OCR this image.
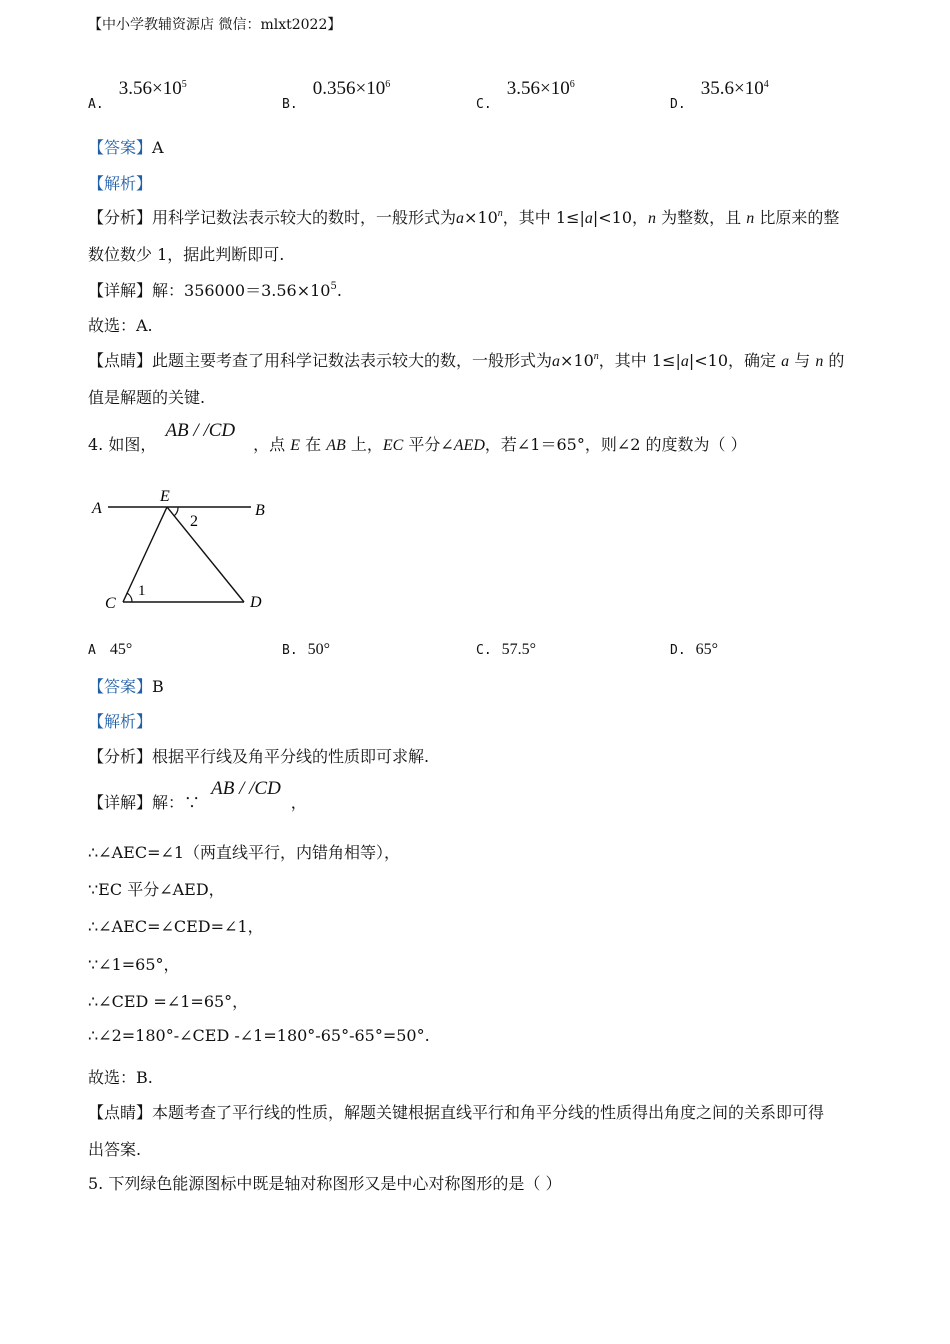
【中小学教辅资源店 微信：mlxt2022】
$_{A.}$ $3.56\times 10^5$
$_{B.}$ $0.356\times 10^6$
$_{C.}$ $3.56\times 10^6$
$_{D.}$ $35.6\times 10^4$
【答案】A
【解析】
【分析】用科学记数法表示较大的数时，一般形式为$a\times 10^n$，其中 1≤|a|<10，n 为整数，且 n 比原来的整
数位数少 1，据此判断即可.
【详解】解：$356000=3.56\times 10^5$.
故选：A.
【点睛】此题主要考查了用科学记数法表示较大的数，一般形式为$a\times 10^n$，其中 1≤|a|<10，确定 a 与 n 的
值是解题的关键.
4. 如图， AB / /CD，点 E 在 AB 上，EC 平分∠AED，若∠1＝65°，则∠2 的度数为（ ）
A
E
B
2
C
1
D
A 45°	B. 50°	C. 57.5°	D. 65°
【答案】B
【解析】
【分析】根据平行线及角平分线的性质即可求解.
【详解】解：∵ AB / /CD，
∴∠AEC=∠1（两直线平行，内错角相等），
∵EC 平分∠AED，
∴∠AEC=∠CED=∠1，
∵∠1=65°，
∴∠CED =∠1=65°，
∴∠2=180°-∠CED -∠1=180°-65°-65°=50°.
故选：B.
【点睛】本题考查了平行线的性质，解题关键根据直线平行和角平分线的性质得出角度之间的关系即可得
出答案.
5. 下列绿色能源图标中既是轴对称图形又是中心对称图形的是（ ）
